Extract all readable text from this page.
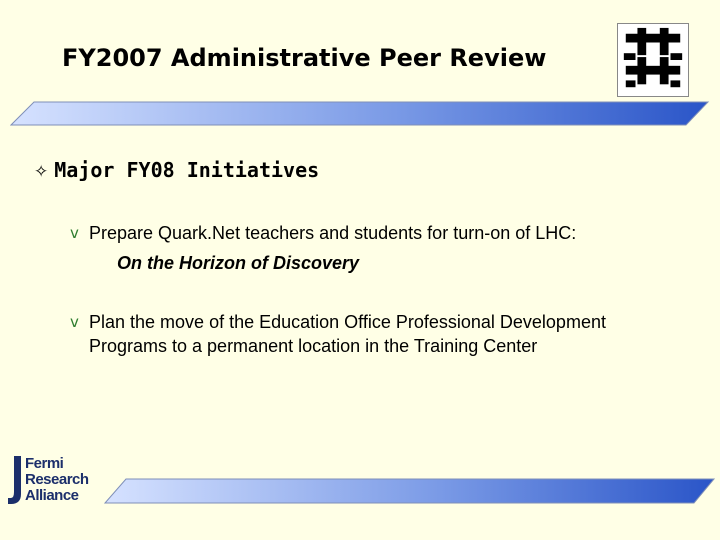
FY2007 Administrative Peer Review
✧ Major FY08 Initiatives
v Prepare Quark.Net teachers and students for turn-on of LHC:
On the Horizon of Discovery
v Plan the move of the Education Office Professional Development Programs to a permanent location in the Training Center
Fermi
Research
Alliance
